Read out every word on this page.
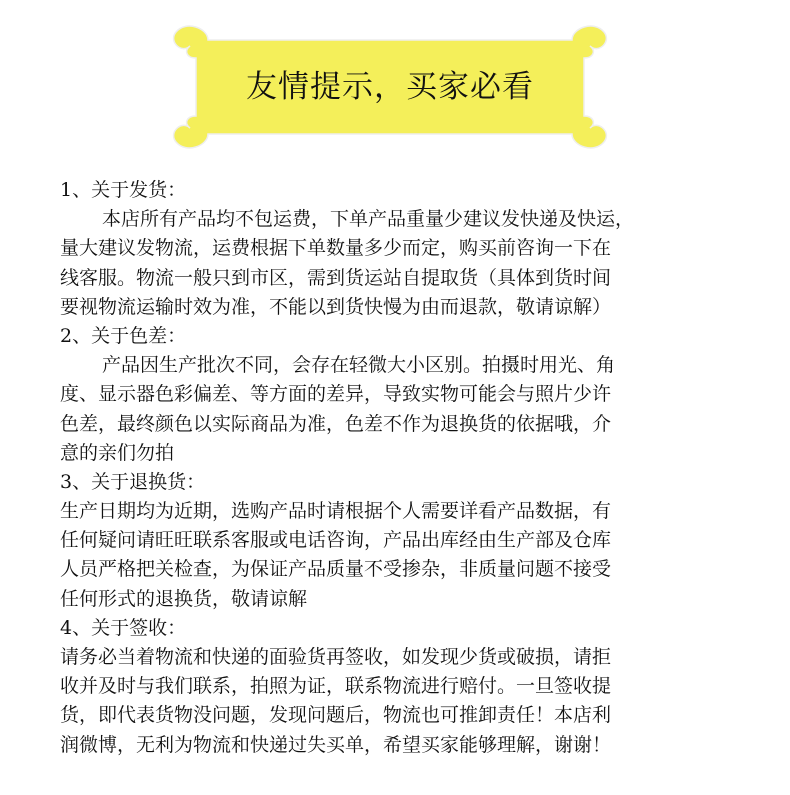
友情提示，买家必看
1、关于发货：
本店所有产品均不包运费，下单产品重量少建议发快递及快运，
量大建议发物流，运费根据下单数量多少而定，购买前咨询一下在
线客服。物流一般只到市区，需到货运站自提取货（具体到货时间
要视物流运输时效为准，不能以到货快慢为由而退款，敬请谅解）
2、关于色差：
产品因生产批次不同，会存在轻微大小区别。拍摄时用光、角
度、显示器色彩偏差、等方面的差异，导致实物可能会与照片少许
色差，最终颜色以实际商品为准，色差不作为退换货的依据哦，介
意的亲们勿拍
3、关于退换货：
生产日期均为近期，选购产品时请根据个人需要详看产品数据，有
任何疑问请旺旺联系客服或电话咨询，产品出库经由生产部及仓库
人员严格把关检查，为保证产品质量不受掺杂，非质量问题不接受
任何形式的退换货，敬请谅解
4、关于签收：
请务必当着物流和快递的面验货再签收，如发现少货或破损，请拒
收并及时与我们联系，拍照为证，联系物流进行赔付。一旦签收提
货，即代表货物没问题，发现问题后，物流也可推卸责任！本店利
润微博，无利为物流和快递过失买单，希望买家能够理解，谢谢！
